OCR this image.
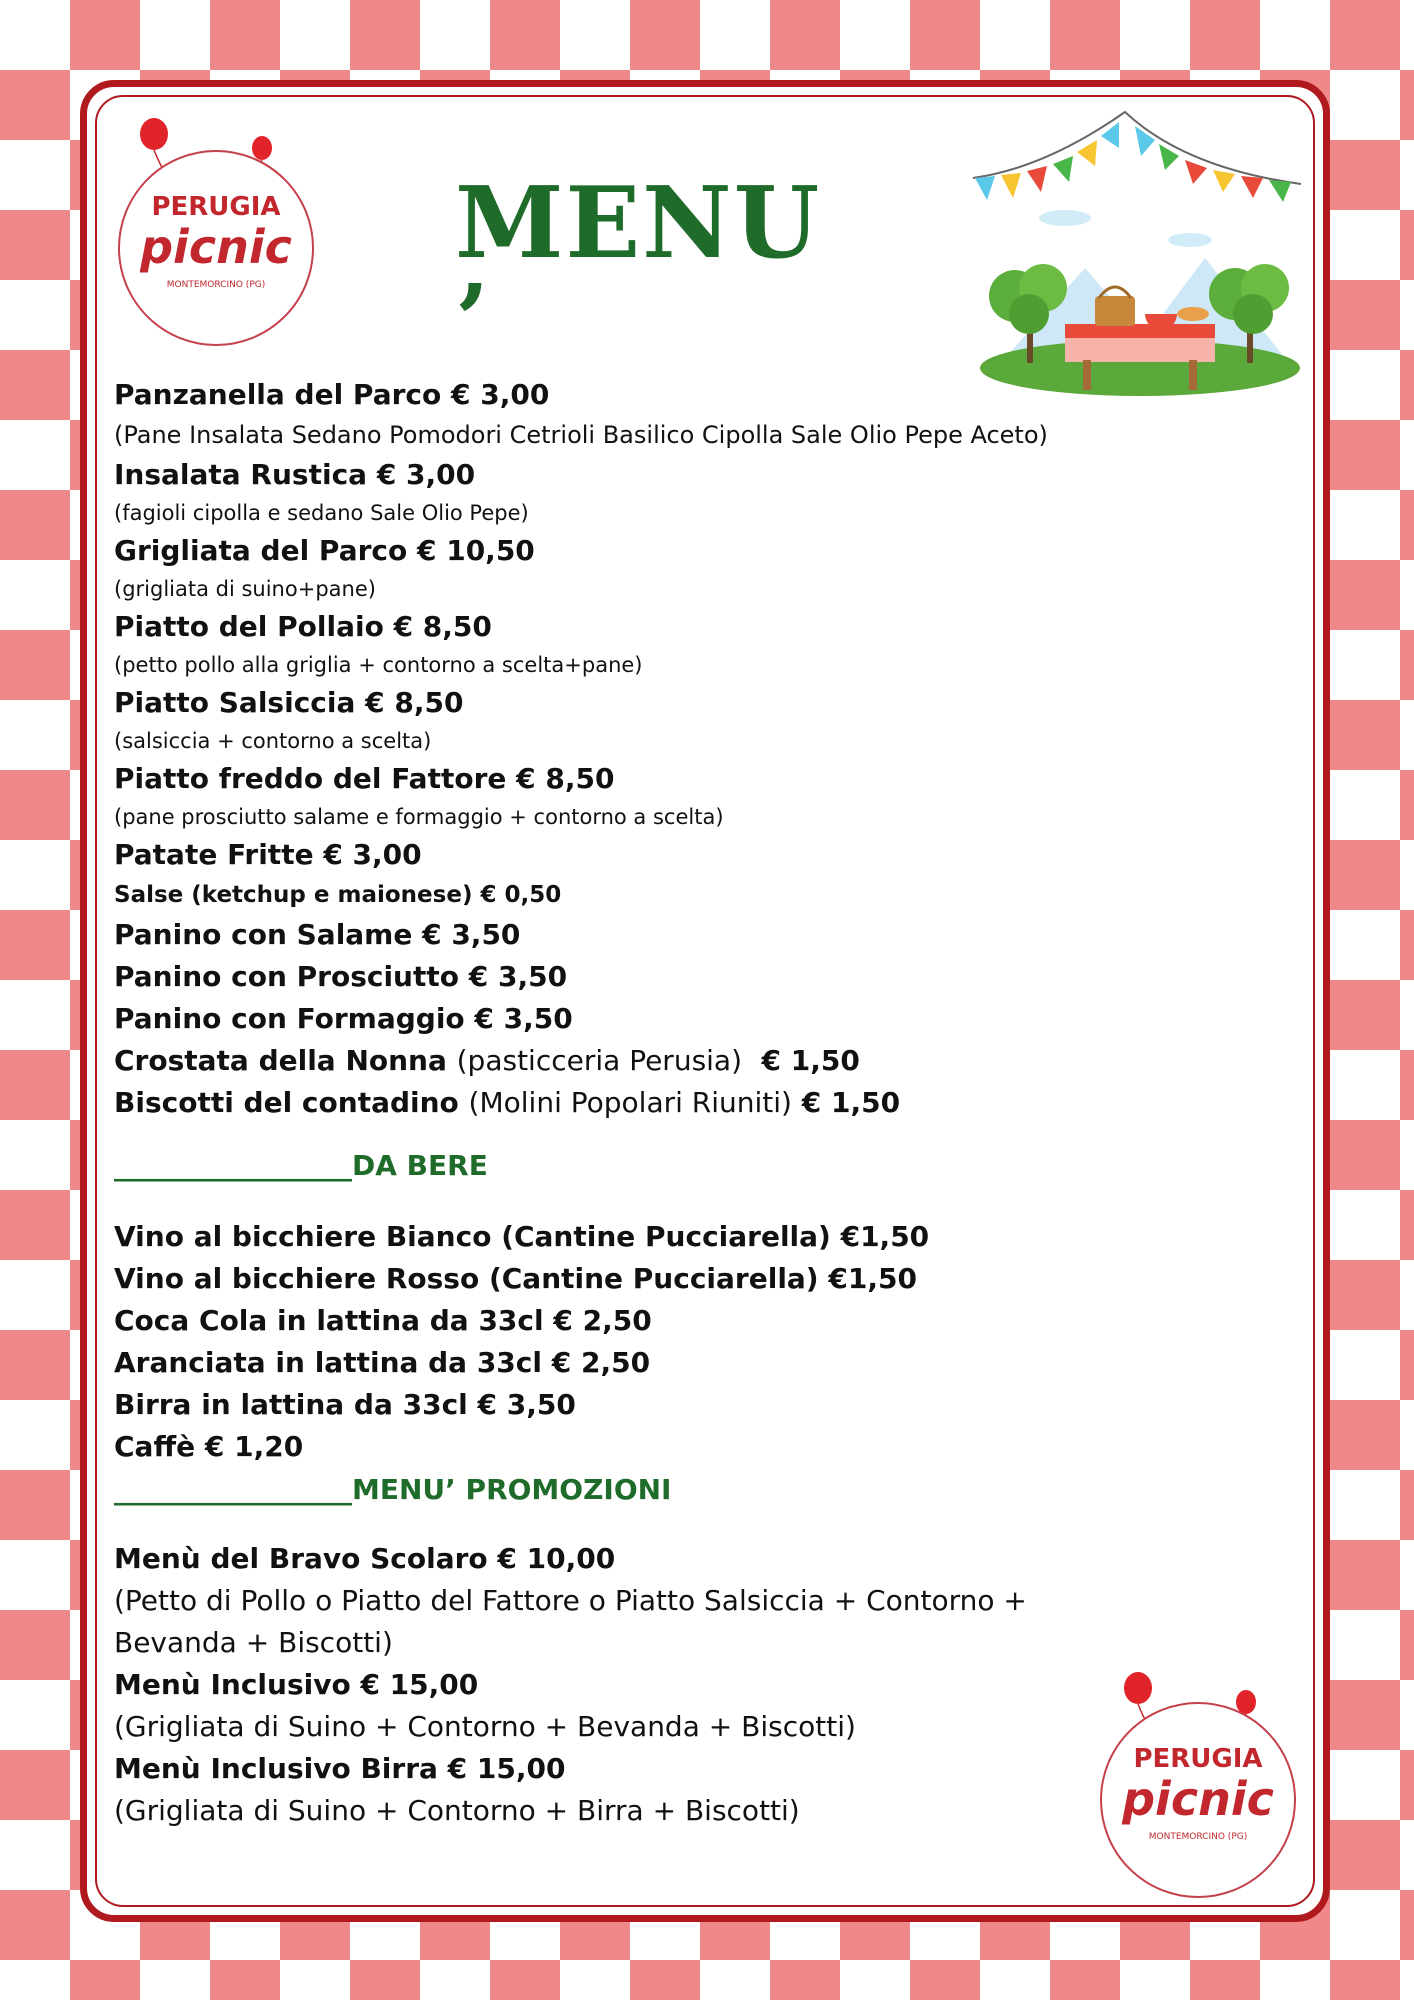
PERUGIA
picnic
MONTEMORCINO (PG)
MENU ’
Panzanella del Parco € 3,00
(Pane Insalata Sedano Pomodori Cetrioli Basilico Cipolla Sale Olio Pepe Aceto)
Insalata Rustica € 3,00
(fagioli cipolla e sedano Sale Olio Pepe)
Grigliata del Parco € 10,50
(grigliata di suino+pane)
Piatto del Pollaio € 8,50
(petto pollo alla griglia + contorno a scelta+pane)
Piatto Salsiccia € 8,50
(salsiccia + contorno a scelta)
Piatto freddo del Fattore € 8,50
(pane prosciutto salame e formaggio + contorno a scelta)
Patate Fritte € 3,00
Salse (ketchup e maionese) € 0,50
Panino con Salame € 3,50
Panino con Prosciutto € 3,50
Panino con Formaggio € 3,50
Crostata della Nonna (pasticceria Perusia) € 1,50
Biscotti del contadino (Molini Popolari Riuniti) € 1,50
_________________DA BERE
Vino al bicchiere Bianco (Cantine Pucciarella) €1,50
Vino al bicchiere Rosso (Cantine Pucciarella) €1,50
Coca Cola in lattina da 33cl € 2,50
Aranciata in lattina da 33cl € 2,50
Birra in lattina da 33cl € 3,50
Caffè € 1,20
_________________MENU’ PROMOZIONI
Menù del Bravo Scolaro € 10,00
(Petto di Pollo o Piatto del Fattore o Piatto Salsiccia + Contorno +
Bevanda + Biscotti)
Menù Inclusivo € 15,00
(Grigliata di Suino + Contorno + Bevanda + Biscotti)
Menù Inclusivo Birra € 15,00
(Grigliata di Suino + Contorno + Birra + Biscotti)
PERUGIA
picnic
MONTEMORCINO (PG)
